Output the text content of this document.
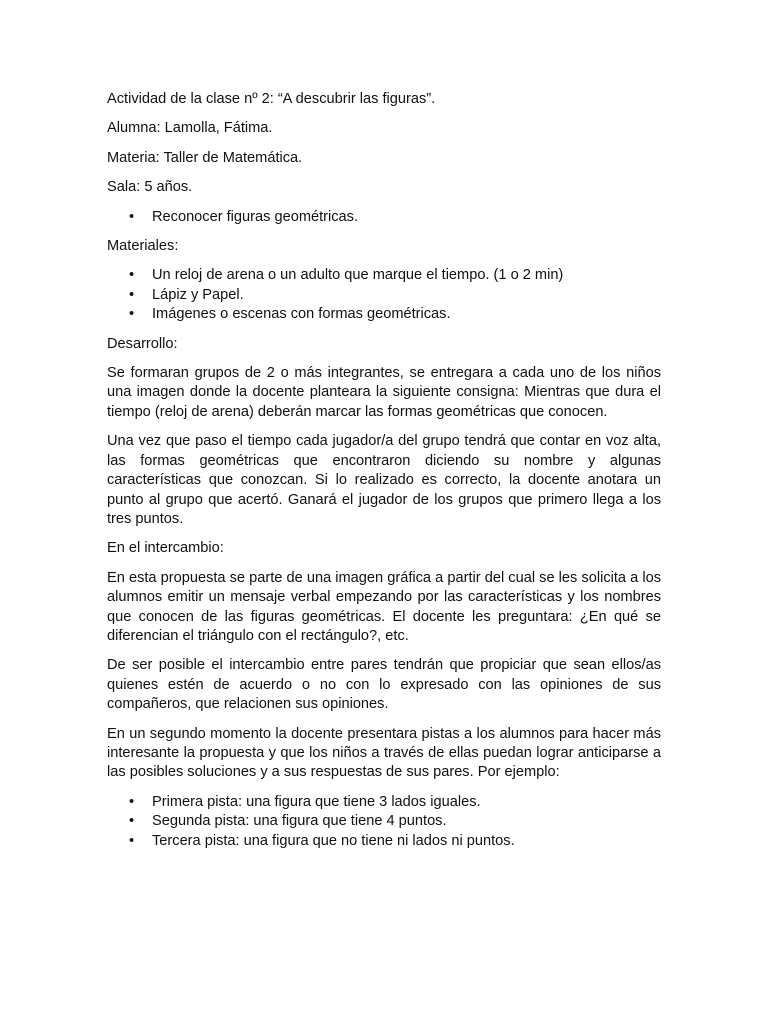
Actividad de la clase nº 2: “A descubrir las figuras”.

Alumna: Lamolla, Fátima.

Materia: Taller de Matemática.

Sala: 5 años.

• Reconocer figuras geométricas.

Materiales:

• Un reloj de arena o un adulto que marque el tiempo. (1 o 2 min)
• Lápiz y Papel.
• Imágenes o escenas con formas geométricas.

Desarrollo:

Se formaran grupos de 2 o más integrantes, se entregara a cada uno de los niños una imagen donde la docente planteara la siguiente consigna: Mientras que dura el tiempo (reloj de arena) deberán marcar las formas geométricas que conocen.

Una vez que paso el tiempo cada jugador/a del grupo tendrá que contar en voz alta, las formas geométricas que encontraron diciendo su nombre y algunas características que conozcan. Si lo realizado es correcto, la docente anotara un punto al grupo que acertó. Ganará el jugador de los grupos que primero llega a los tres puntos.

En el intercambio:

En esta propuesta se parte de una imagen gráfica a partir del cual se les solicita a los alumnos emitir un mensaje verbal empezando por las características y los nombres que conocen de las figuras geométricas. El docente les preguntara: ¿En qué se diferencian el triángulo con el rectángulo?, etc.

De ser posible el intercambio entre pares tendrán que propiciar que sean ellos/as quienes estén de acuerdo o no con lo expresado con las opiniones de sus compañeros, que relacionen sus opiniones.

En un segundo momento la docente presentara pistas a los alumnos para hacer más interesante la propuesta y que los niños a través de ellas puedan lograr anticiparse a las posibles soluciones y a sus respuestas de sus pares. Por ejemplo:

• Primera pista: una figura que tiene 3 lados iguales.
• Segunda pista: una figura que tiene 4 puntos.
• Tercera pista: una figura que no tiene ni lados ni puntos.
